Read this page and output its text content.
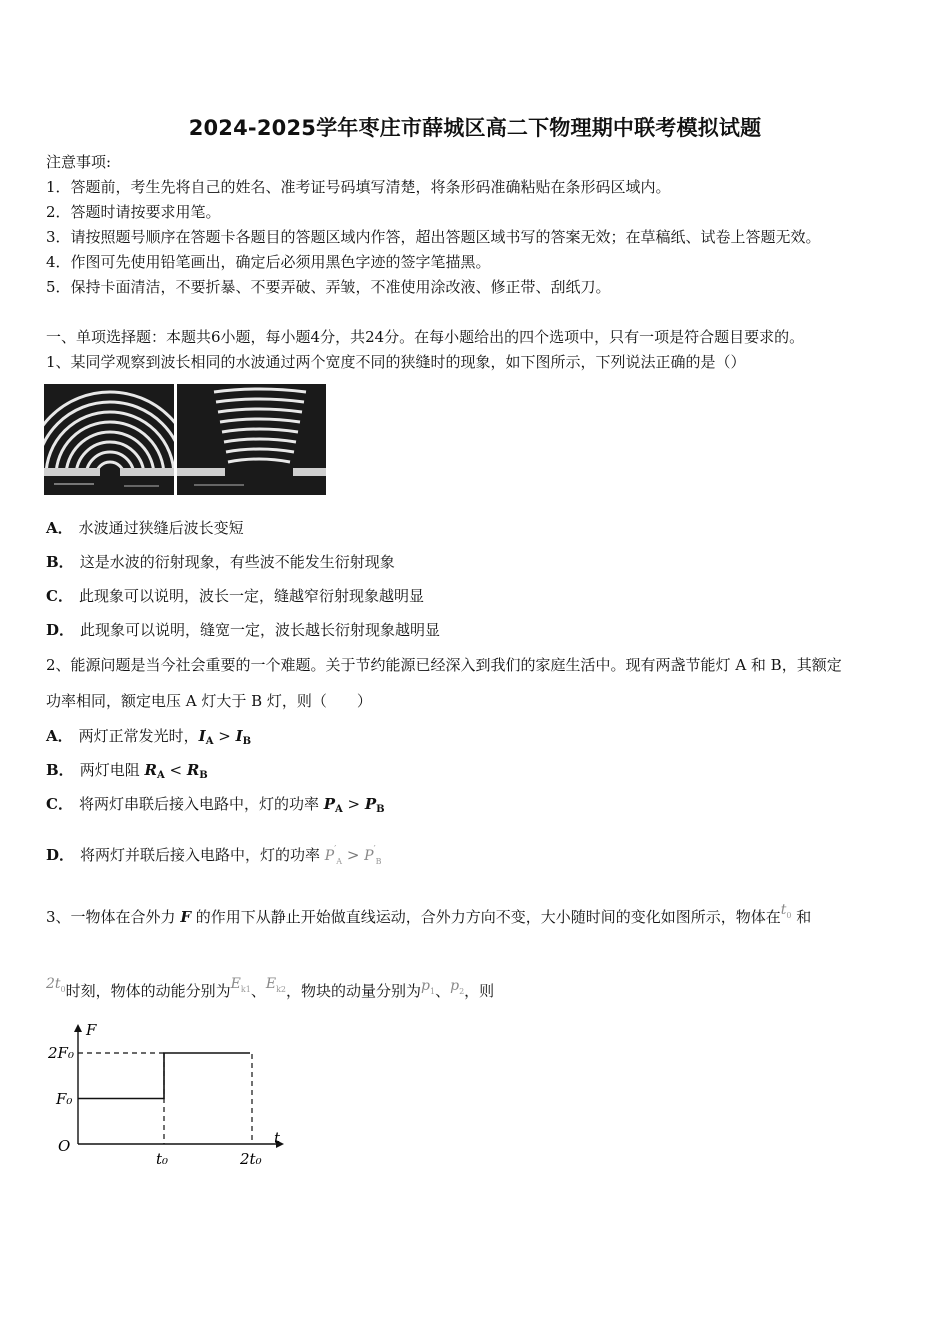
2024-2025学年枣庄市薛城区高二下物理期中联考模拟试题
注意事项:
1．答题前，考生先将自己的姓名、准考证号码填写清楚，将条形码准确粘贴在条形码区域内。
2．答题时请按要求用笔。
3．请按照题号顺序在答题卡各题目的答题区域内作答，超出答题区域书写的答案无效；在草稿纸、试卷上答题无效。
4．作图可先使用铅笔画出，确定后必须用黑色字迹的签字笔描黑。
5．保持卡面清洁，不要折暴、不要弄破、弄皱，不准使用涂改液、修正带、刮纸刀。
一、单项选择题：本题共6小题，每小题4分，共24分。在每小题给出的四个选项中，只有一项是符合题目要求的。
1、某同学观察到波长相同的水波通过两个宽度不同的狭缝时的现象，如下图所示，下列说法正确的是（）
A． 水波通过狭缝后波长变短
B． 这是水波的衍射现象，有些波不能发生衍射现象
C． 此现象可以说明，波长一定，缝越窄衍射现象越明显
D． 此现象可以说明，缝宽一定，波长越长衍射现象越明显
2、能源问题是当今社会重要的一个难题。关于节约能源已经深入到我们的家庭生活中。现有两盏节能灯 A 和 B，其额定
功率相同，额定电压 A 灯大于 B 灯，则（　　）
A． 两灯正常发光时，$I_A > I_B$
B． 两灯电阻 $R_A < R_B$
C． 将两灯串联后接入电路中，灯的功率 $P_A > P_B$
D． 将两灯并联后接入电路中，灯的功率 $P'_A > P'_B$
3、一物体在合外力 F 的作用下从静止开始做直线运动，合外力方向不变，大小随时间的变化如图所示，物体在$t^0$ 和
$2t^0$时刻，物体的动能分别为$E^{k1}$、$E^{k2}$，物块的动量分别为p1、p2，则
F
t
O
2F₀
F₀
t₀	2t₀
